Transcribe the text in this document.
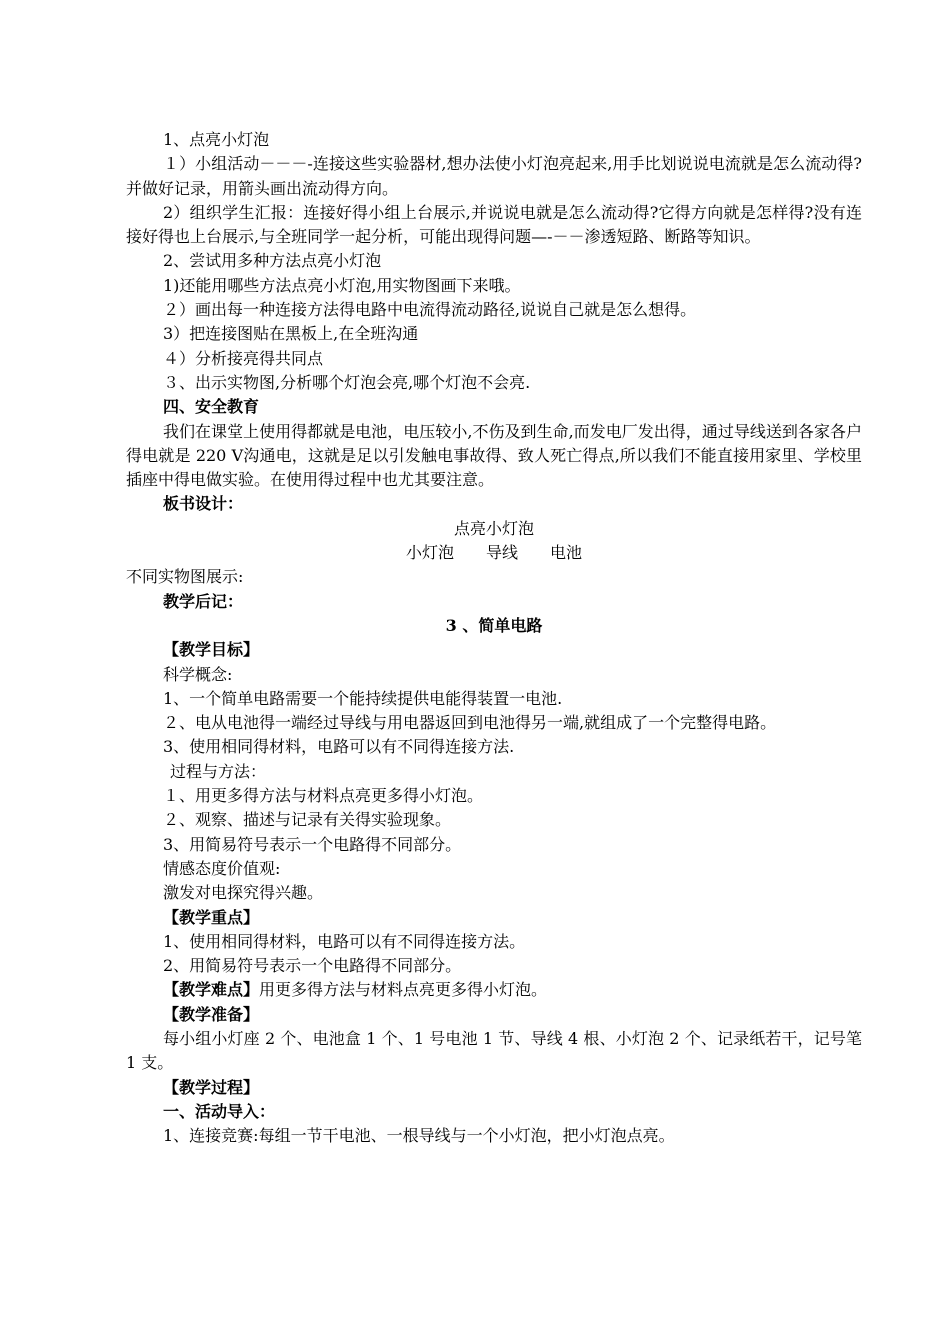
1、点亮小灯泡
１）小组活动－－－-连接这些实验器材,想办法使小灯泡亮起来,用手比划说说电流就是怎么流动得?并做好记录，用箭头画出流动得方向。
2）组织学生汇报：连接好得小组上台展示,并说说电就是怎么流动得?它得方向就是怎样得?没有连接好得也上台展示,与全班同学一起分析，可能出现得问题—-－－渗透短路、断路等知识。
2、尝试用多种方法点亮小灯泡
1)还能用哪些方法点亮小灯泡,用实物图画下来哦。
２）画出每一种连接方法得电路中电流得流动路径,说说自己就是怎么想得。
3）把连接图贴在黑板上,在全班沟通
４）分析接亮得共同点
３、出示实物图,分析哪个灯泡会亮,哪个灯泡不会亮.
四、安全教育
我们在课堂上使用得都就是电池，电压较小,不伤及到生命,而发电厂发出得，通过导线送到各家各户得电就是 220 V沟通电，这就是足以引发触电事故得、致人死亡得点,所以我们不能直接用家里、学校里插座中得电做实验。在使用得过程中也尤其要注意。
板书设计：
点亮小灯泡
小灯泡　　导线　　电池
不同实物图展示:
教学后记：
3 、简单电路
【教学目标】
科学概念:
1、一个简单电路需要一个能持续提供电能得装置一电池.
２、电从电池得一端经过导线与用电器返回到电池得另一端,就组成了一个完整得电路。
3、使用相同得材料，电路可以有不同得连接方法.
过程与方法：
１、用更多得方法与材料点亮更多得小灯泡。
２、观察、描述与记录有关得实验现象。
3、用简易符号表示一个电路得不同部分。
情感态度价值观:
激发对电探究得兴趣。
【教学重点】
1、使用相同得材料，电路可以有不同得连接方法。
2、用简易符号表示一个电路得不同部分。
【教学难点】用更多得方法与材料点亮更多得小灯泡。
【教学准备】
每小组小灯座 2 个、电池盒 1 个、1 号电池 1 节、导线 4 根、小灯泡 2 个、记录纸若干，记号笔 1 支。
【教学过程】
一、活动导入：
1、连接竞赛:每组一节干电池、一根导线与一个小灯泡，把小灯泡点亮。
